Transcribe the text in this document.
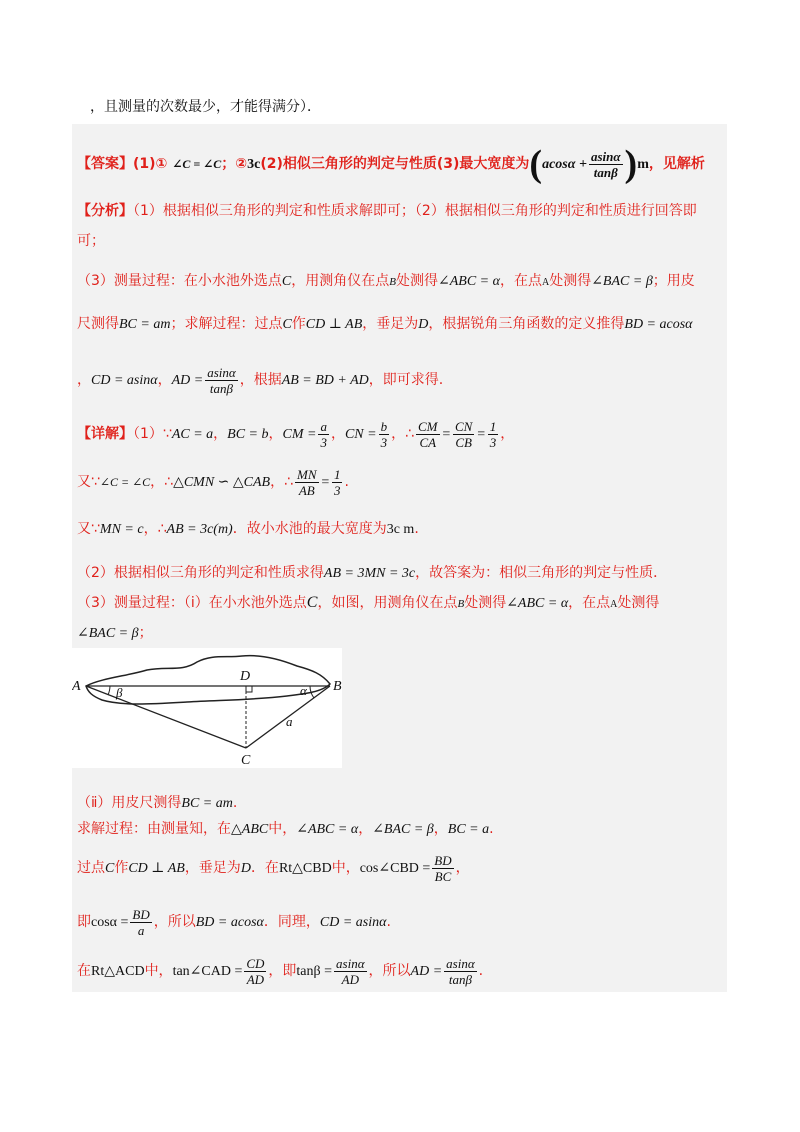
，且测量的次数最少，才能得满分）．
【答案】(1)① ∠C = ∠C；②3c(2)相似三角形的判定与性质(3)最大宽度为$(acos\alpha + \frac{asin\alpha}{\tan\beta} )m$，见解析
【分析】（1）根据相似三角形的判定和性质求解即可；（2）根据相似三角形的判定和性质进行回答即
可；
（3）测量过程：在小水池外选点C，用测角仪在点B处测得∠ABC = α，在点A处测得∠BAC = β；用皮
尺测得BC = am；求解过程：过点C作CD ⊥ AB，垂足为D，根据锐角三角函数的定义推得BD = acosα
，CD = asinα，AD = $\frac{asin\alpha}{\tan\beta}$ ，根据AB = BD + AD，即可求得.
【详解】（1）∵AC = a，BC = b，CM = $\frac{a}{3}$ ，CN = $\frac{b}{3}$ ，∴ $\frac{CM}{CA} = \frac{CN}{CB} = \frac{1}{3}$ ，
又∵∠C = ∠C，∴△CMN ∽ △CAB，∴ $\frac{MN}{AB} = \frac{1}{3}$ .
又∵MN = c，∴AB = 3c(m)．故小水池的最大宽度为3c m.
（2）根据相似三角形的判定和性质求得AB = 3MN = 3c，故答案为：相似三角形的判定与性质．
（3）测量过程：（ⅰ）在小水池外选点C，如图，用测角仪在点B处测得∠ABC = α，在点A处测得
∠BAC = β；
A	B
C
D
β	α
a
（ⅱ）用皮尺测得BC = am.
求解过程：由测量知，在△ABC中，∠ABC = α，∠BAC = β，BC = a.
过点C作CD ⊥ AB，垂足为D．在Rt△CBD中，cos∠CBD = $\frac{BD}{BC}$ ，
即$\cos\alpha = \frac{BD}{a}$ ，所以BD = acosα．同理，CD = asinα.
在Rt△ACD中，tan∠CAD = $\frac{CD}{AD}$ ，即$\tan\beta = \frac{asin\alpha}{AD}$ ，所以AD = $\frac{asin\alpha}{\tan\beta}$ .
